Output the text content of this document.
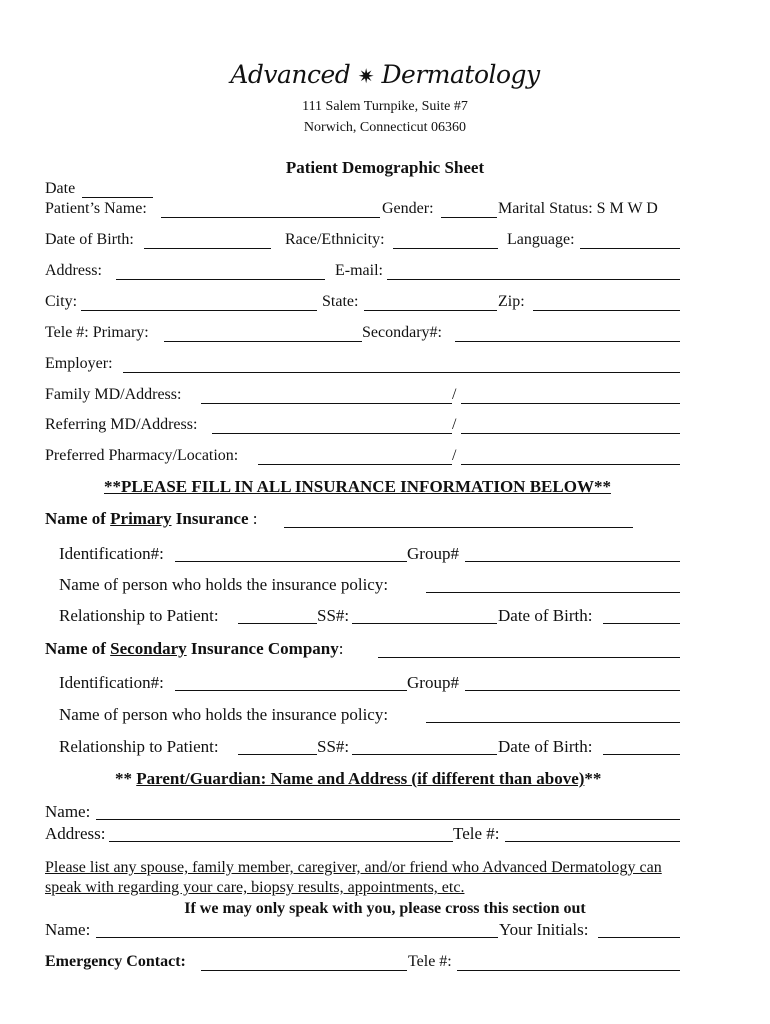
Advanced ✷ Dermatology
111 Salem Turnpike, Suite #7
Norwich, Connecticut 06360
Patient Demographic Sheet
Date
Patient’s Name:	Gender:	Marital Status: S M W D
Date of Birth:	Race/Ethnicity:	Language:
Address:	E-mail:
City:	State:	Zip:
Tele #: Primary:	Secondary#:
Employer:
Family MD/Address:	/
Referring MD/Address:	/
Preferred Pharmacy/Location:	/
**PLEASE FILL IN ALL INSURANCE INFORMATION BELOW**
Name of Primary Insurance :
Identification#:	Group#
Name of person who holds the insurance policy:
Relationship to Patient:	SS#:	Date of Birth:
Name of Secondary Insurance Company:
Identification#:	Group#
Name of person who holds the insurance policy:
Relationship to Patient:	SS#:	Date of Birth:
** Parent/Guardian: Name and Address (if different than above)**
Name:
Address:	Tele #:
Please list any spouse, family member, caregiver, and/or friend who Advanced Dermatology can
speak with regarding your care, biopsy results, appointments, etc.
If we may only speak with you, please cross this section out
Name:	Your Initials:
Emergency Contact:	Tele #:
